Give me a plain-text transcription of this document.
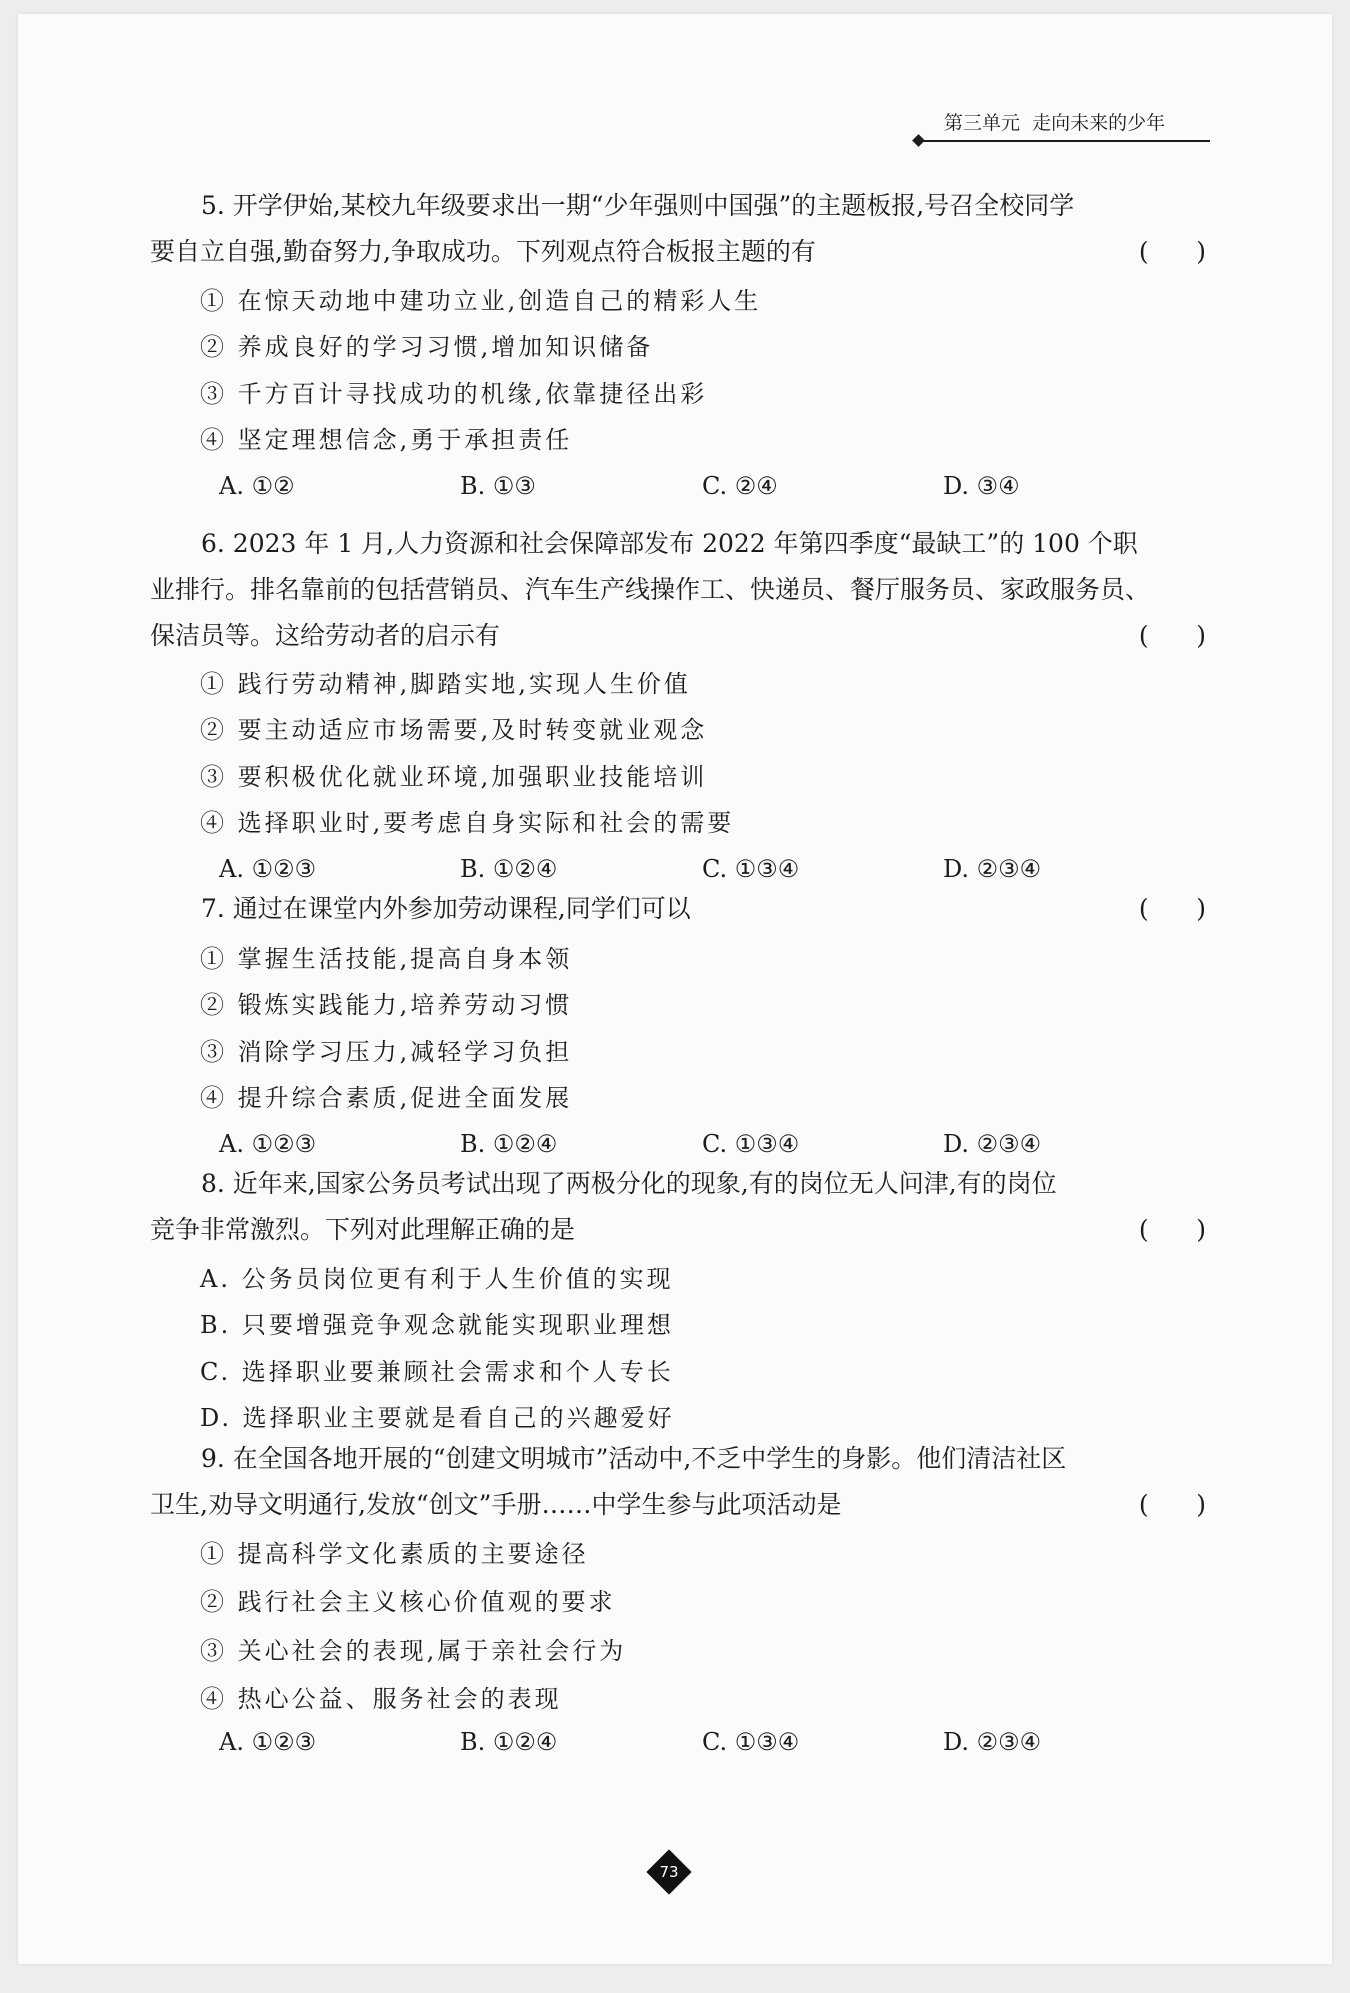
第三单元 走向未来的少年
5. 开学伊始,某校九年级要求出一期“少年强则中国强”的主题板报,号召全校同学
要自立自强,勤奋努力,争取成功。下列观点符合板报主题的有	(      )
① 在惊天动地中建功立业,创造自己的精彩人生
② 养成良好的学习习惯,增加知识储备
③ 千方百计寻找成功的机缘,依靠捷径出彩
④ 坚定理想信念,勇于承担责任
A. ①②	B. ①③	C. ②④	D. ③④
6. 2023 年 1 月,人力资源和社会保障部发布 2022 年第四季度“最缺工”的 100 个职
业排行。排名靠前的包括营销员、汽车生产线操作工、快递员、餐厅服务员、家政服务员、
保洁员等。这给劳动者的启示有	(      )
① 践行劳动精神,脚踏实地,实现人生价值
② 要主动适应市场需要,及时转变就业观念
③ 要积极优化就业环境,加强职业技能培训
④ 选择职业时,要考虑自身实际和社会的需要
A. ①②③	B. ①②④	C. ①③④	D. ②③④
7. 通过在课堂内外参加劳动课程,同学们可以	(      )
① 掌握生活技能,提高自身本领
② 锻炼实践能力,培养劳动习惯
③ 消除学习压力,减轻学习负担
④ 提升综合素质,促进全面发展
A. ①②③	B. ①②④	C. ①③④	D. ②③④
8. 近年来,国家公务员考试出现了两极分化的现象,有的岗位无人问津,有的岗位
竞争非常激烈。下列对此理解正确的是	(      )
A. 公务员岗位更有利于人生价值的实现
B. 只要增强竞争观念就能实现职业理想
C. 选择职业要兼顾社会需求和个人专长
D. 选择职业主要就是看自己的兴趣爱好
9. 在全国各地开展的“创建文明城市”活动中,不乏中学生的身影。他们清洁社区
卫生,劝导文明通行,发放“创文”手册……中学生参与此项活动是	(      )
① 提高科学文化素质的主要途径
② 践行社会主义核心价值观的要求
③ 关心社会的表现,属于亲社会行为
④ 热心公益、服务社会的表现
A. ①②③	B. ①②④	C. ①③④	D. ②③④
73
